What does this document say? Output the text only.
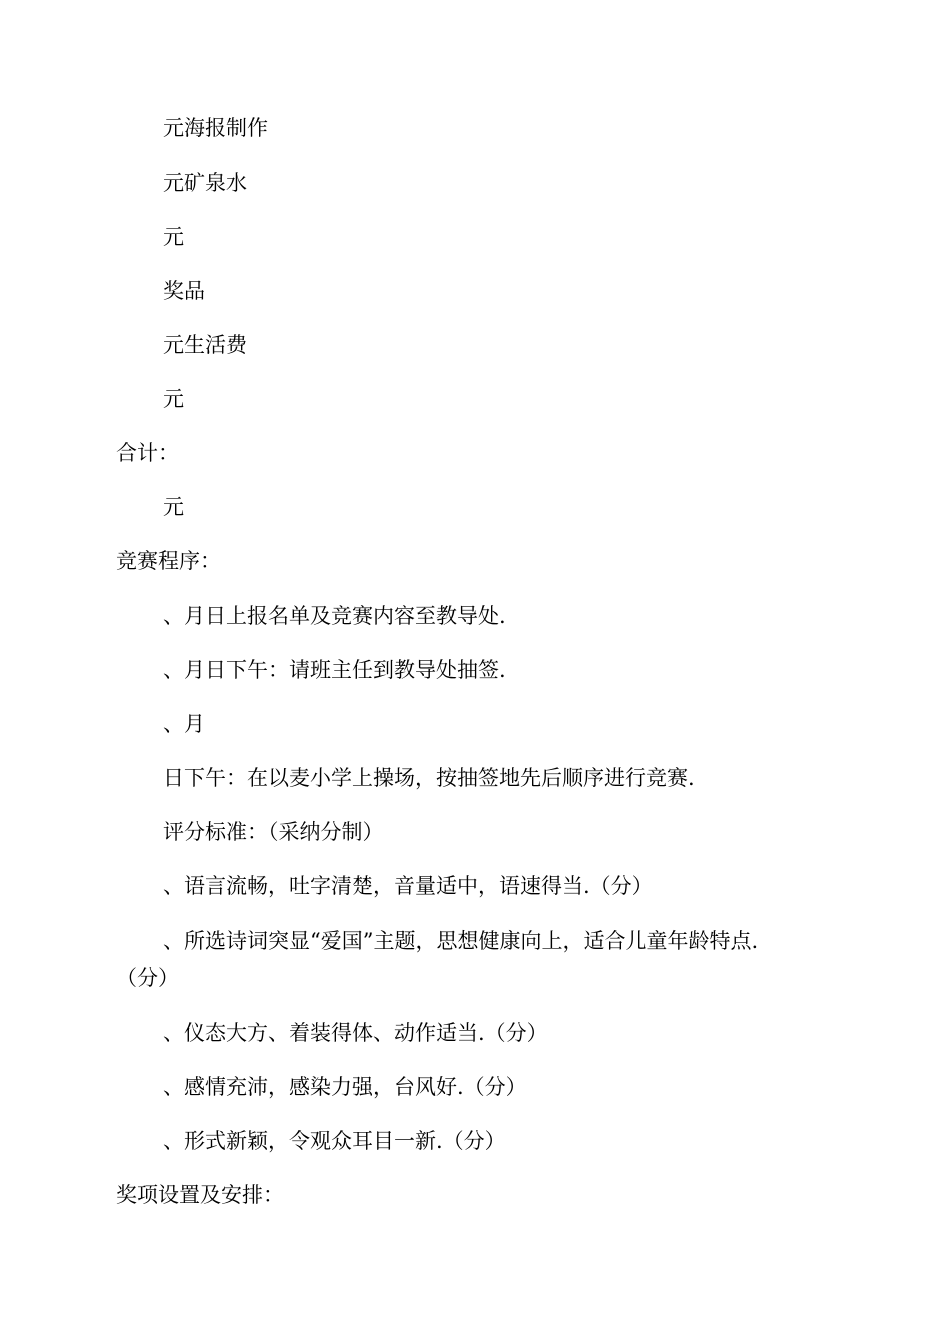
元海报制作
元矿泉水
元
奖品
元生活费
元
合计：
元
竞赛程序：
、月日上报名单及竞赛内容至教导处.
、月日下午：请班主任到教导处抽签.
、月
日下午：在以麦小学上操场，按抽签地先后顺序进行竞赛.
评分标准：（采纳分制）
、语言流畅，吐字清楚，音量适中，语速得当.（分）
、所选诗词突显“爱国”主题，思想健康向上，适合儿童年龄特点.
（分）
、仪态大方、着装得体、动作适当.（分）
、感情充沛，感染力强，台风好.（分）
、形式新颖，令观众耳目一新.（分）
奖项设置及安排：
